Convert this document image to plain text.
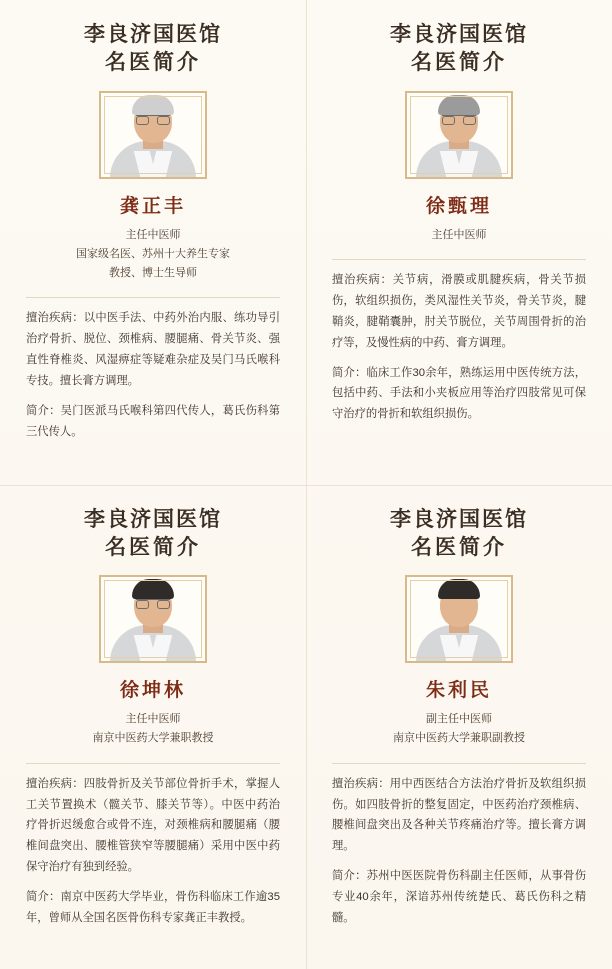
李良济国医馆
名医简介
龚正丰
主任中医师
国家级名医、苏州十大养生专家
教授、博士生导师

擅治疾病：以中医手法、中药外治内服、练功导引治疗骨折、脱位、颈椎病、腰腿痛、骨关节炎、强直性脊椎炎、风湿痹症等疑难杂症及吴门马氏喉科专技。擅长膏方调理。

简介：吴门医派马氏喉科第四代传人，葛氏伤科第三代传人。

李良济国医馆
名医简介
徐甄理
主任中医师

擅治疾病：关节病，滑膜或肌腱疾病，骨关节损伤，软组织损伤，类风湿性关节炎，骨关节炎，腱鞘炎，腱鞘囊肿，肘关节脱位，关节周围骨折的治疗等，及慢性病的中药、膏方调理。

简介：临床工作30余年，熟练运用中医传统方法，包括中药、手法和小夹板应用等治疗四肢常见可保守治疗的骨折和软组织损伤。

李良济国医馆
名医简介
徐坤林
主任中医师
南京中医药大学兼职教授

擅治疾病：四肢骨折及关节部位骨折手术，掌握人工关节置换术（髋关节、膝关节等）。中医中药治疗骨折迟缓愈合或骨不连，对颈椎病和腰腿痛（腰椎间盘突出、腰椎管狭窄等腰腿痛）采用中医中药保守治疗有独到经验。

简介：南京中医药大学毕业，骨伤科临床工作逾35年，曾师从全国名医骨伤科专家龚正丰教授。

李良济国医馆
名医简介
朱利民
副主任中医师
南京中医药大学兼职副教授

擅治疾病：用中西医结合方法治疗骨折及软组织损伤。如四肢骨折的整复固定，中医药治疗颈椎病、腰椎间盘突出及各种关节疼痛治疗等。擅长膏方调理。

简介：苏州中医医院骨伤科副主任医师，从事骨伤专业40余年，深谙苏州传统楚氏、葛氏伤科之精髓。
